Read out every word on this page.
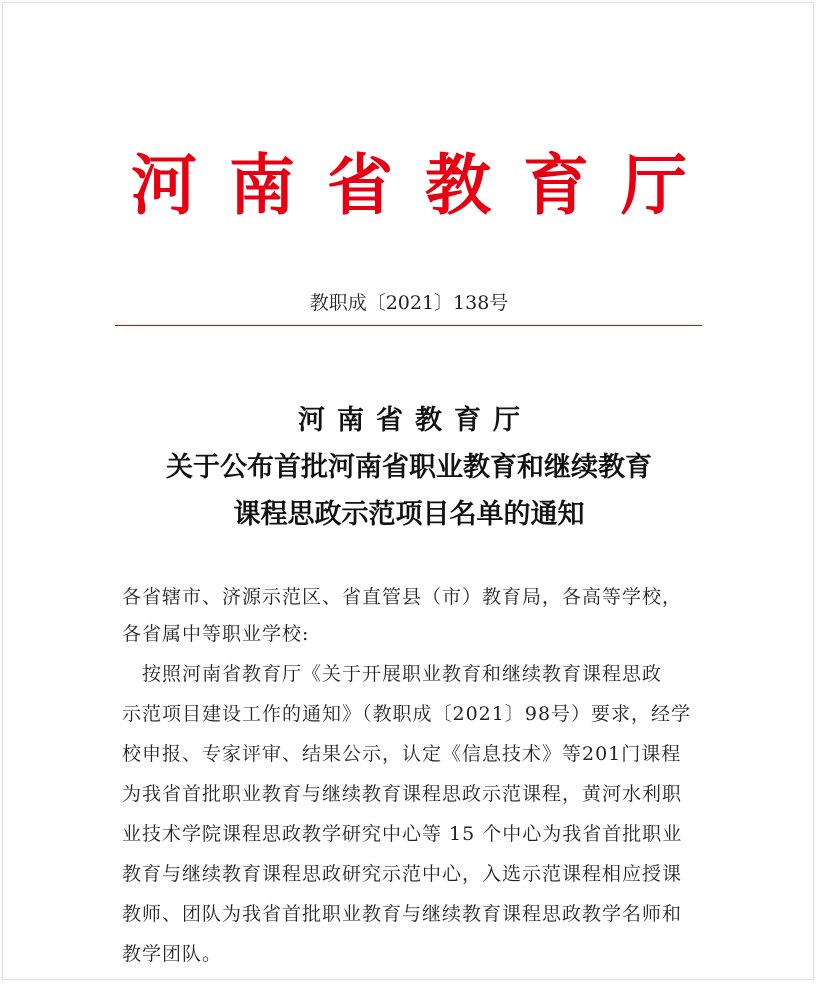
河南省教育厅
教职成〔2021〕138号
河南省教育厅
关于公布首批河南省职业教育和继续教育
课程思政示范项目名单的通知
各省辖市、济源示范区、省直管县（市）教育局，各高等学校，
各省属中等职业学校:
　按照河南省教育厅《关于开展职业教育和继续教育课程思政
示范项目建设工作的通知》（教职成〔2021〕98号）要求，经学
校申报、专家评审、结果公示，认定《信息技术》等201门课程
为我省首批职业教育与继续教育课程思政示范课程，黄河水利职
业技术学院课程思政教学研究中心等 15 个中心为我省首批职业
教育与继续教育课程思政研究示范中心，入选示范课程相应授课
教师、团队为我省首批职业教育与继续教育课程思政教学名师和
教学团队。
